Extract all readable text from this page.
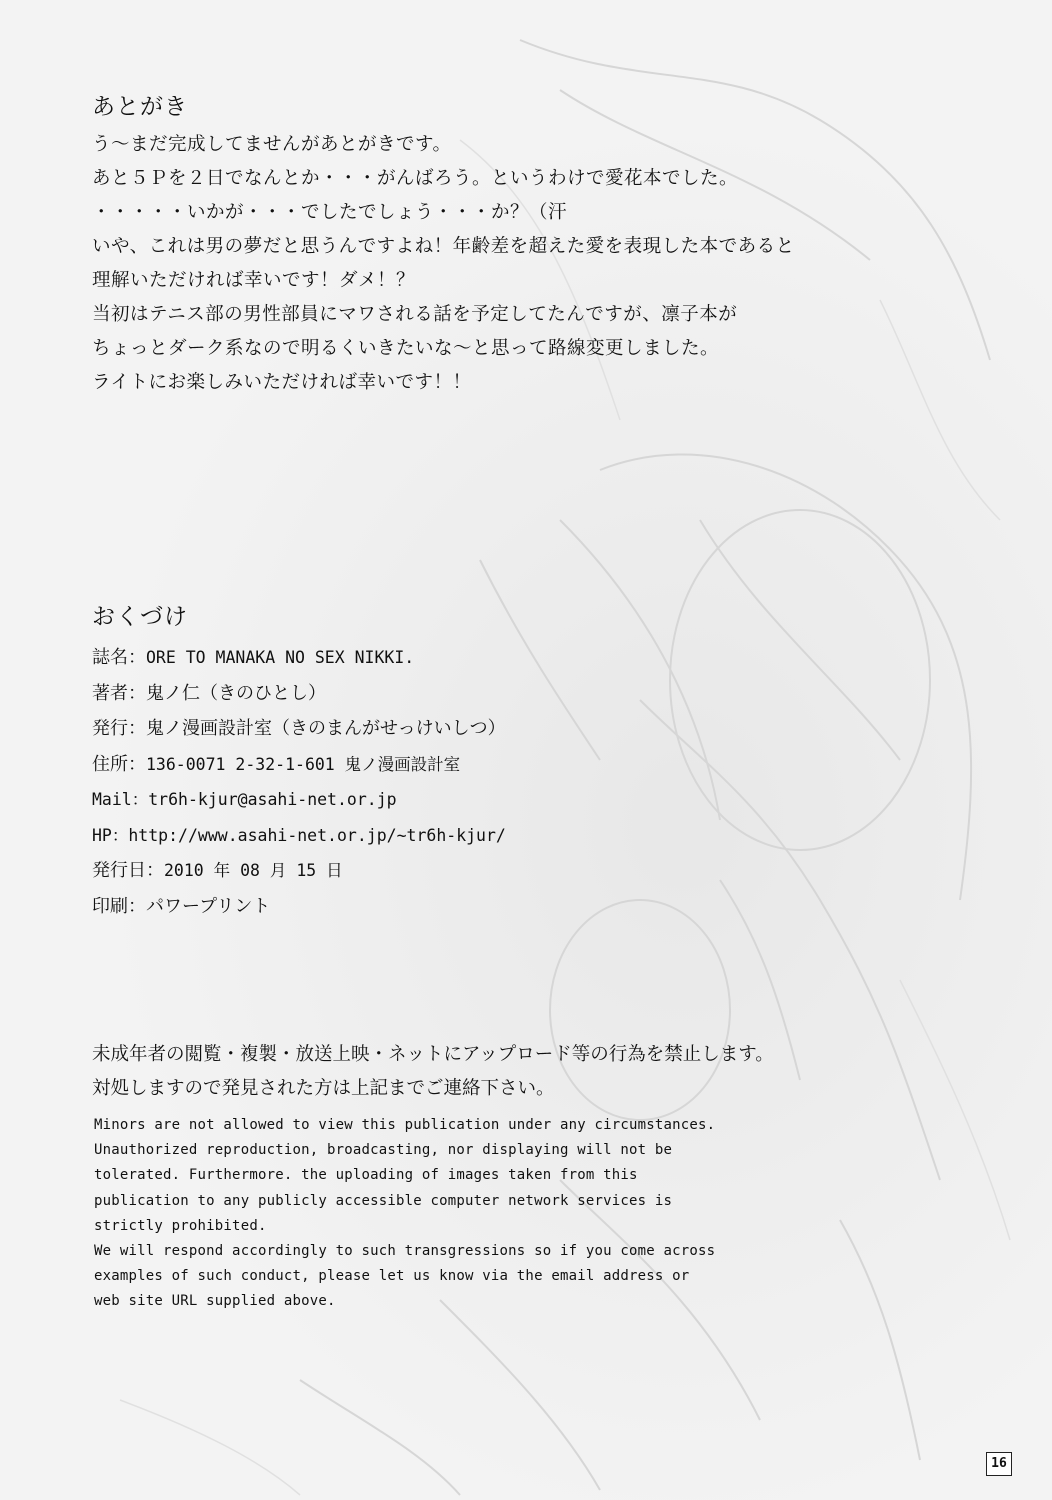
あとがき
う～まだ完成してませんがあとがきです。
あと５Ｐを２日でなんとか・・・がんばろう。というわけで愛花本でした。
・・・・・いかが・・・でしたでしょう・・・か？（汗
いや、これは男の夢だと思うんですよね！年齢差を超えた愛を表現した本であると
理解いただければ幸いです！ダメ！？
当初はテニス部の男性部員にマワされる話を予定してたんですが、凛子本が
ちょっとダーク系なので明るくいきたいな～と思って路線変更しました。
ライトにお楽しみいただければ幸いです！！
おくづけ
誌名：ORE TO MANAKA NO SEX NIKKI.
著者：鬼ノ仁（きのひとし）
発行：鬼ノ漫画設計室（きのまんがせっけいしつ）
住所：136-0071 2-32-1-601 鬼ノ漫画設計室
Mail：tr6h-kjur@asahi-net.or.jp
HP：http://www.asahi-net.or.jp/~tr6h-kjur/
発行日：2010 年 08 月 15 日
印刷：パワープリント
未成年者の閲覧・複製・放送上映・ネットにアップロード等の行為を禁止します。
対処しますので発見された方は上記までご連絡下さい。
Minors are not allowed to view this publication under any circumstances.
Unauthorized reproduction, broadcasting, nor displaying will not be
tolerated. Furthermore. the uploading of images taken from this
publication to any publicly accessible computer network services is
strictly prohibited.
We will respond accordingly to such transgressions so if you come across
examples of such conduct, please let us know via the email address or
web site URL supplied above.
16
